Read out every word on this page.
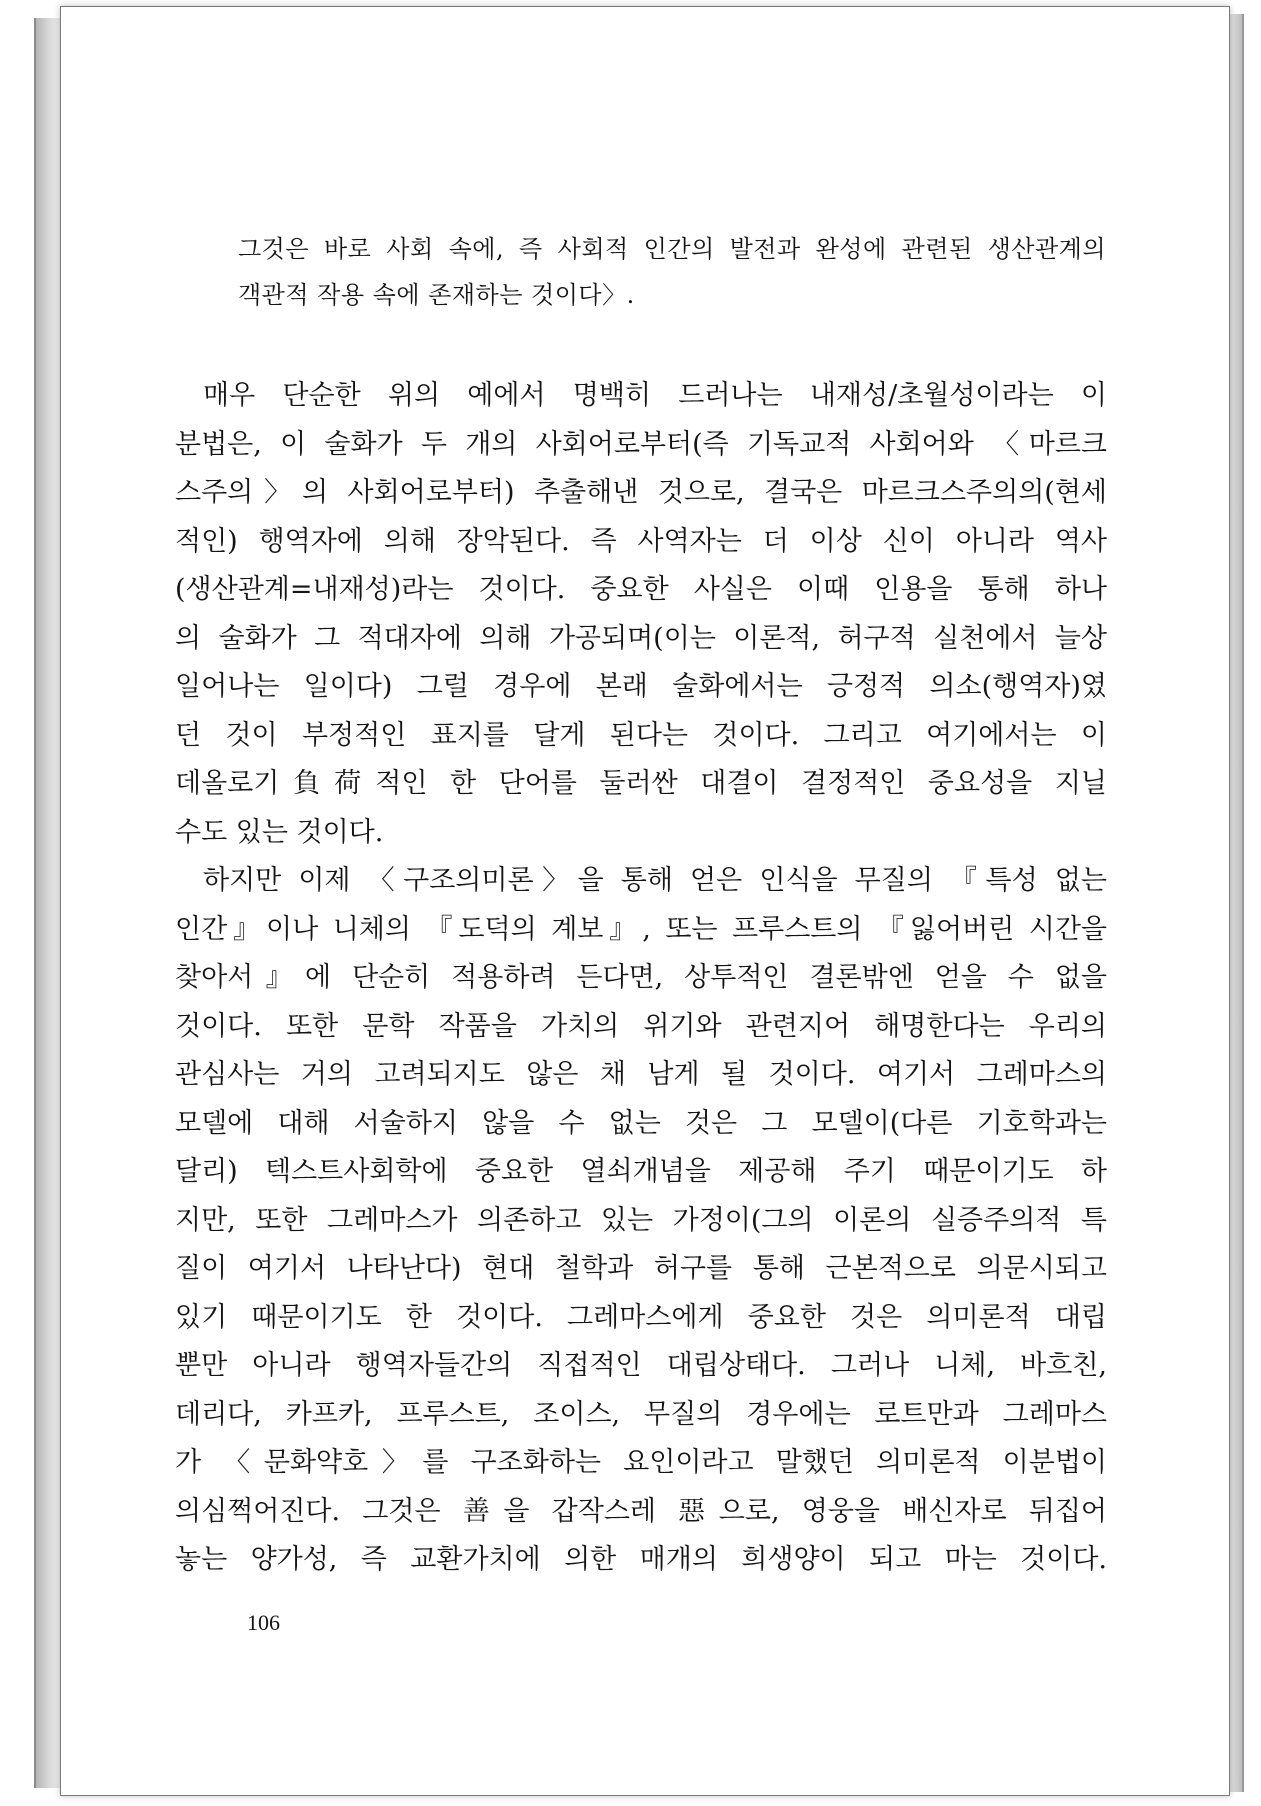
그것은 바로 사회 속에, 즉 사회적 인간의 발전과 완성에 관련된 생산관계의
객관적 작용 속에 존재하는 것이다〉.
매우 단순한 위의 예에서 명백히 드러나는 내재성/초월성이라는 이
분법은, 이 술화가 두 개의 사회어로부터(즉 기독교적 사회어와 〈마르크
스주의〉의 사회어로부터) 추출해낸 것으로, 결국은 마르크스주의의(현세
적인) 행역자에 의해 장악된다. 즉 사역자는 더 이상 신이 아니라 역사
(생산관계=내재성)라는 것이다. 중요한 사실은 이때 인용을 통해 하나
의 술화가 그 적대자에 의해 가공되며(이는 이론적, 허구적 실천에서 늘상
일어나는 일이다) 그럴 경우에 본래 술화에서는 긍정적 의소(행역자)였
던 것이 부정적인 표지를 달게 된다는 것이다. 그리고 여기에서는 이
데올로기負荷적인 한 단어를 둘러싼 대결이 결정적인 중요성을 지닐
수도 있는 것이다.
하지만 이제 〈구조의미론〉을 통해 얻은 인식을 무질의 『특성 없는
인간』이나 니체의 『도덕의 계보』, 또는 프루스트의 『잃어버린 시간을
찾아서』에 단순히 적용하려 든다면, 상투적인 결론밖엔 얻을 수 없을
것이다. 또한 문학 작품을 가치의 위기와 관련지어 해명한다는 우리의
관심사는 거의 고려되지도 않은 채 남게 될 것이다. 여기서 그레마스의
모델에 대해 서술하지 않을 수 없는 것은 그 모델이(다른 기호학과는
달리) 텍스트사회학에 중요한 열쇠개념을 제공해 주기 때문이기도 하
지만, 또한 그레마스가 의존하고 있는 가정이(그의 이론의 실증주의적 특
질이 여기서 나타난다) 현대 철학과 허구를 통해 근본적으로 의문시되고
있기 때문이기도 한 것이다. 그레마스에게 중요한 것은 의미론적 대립
뿐만 아니라 행역자들간의 직접적인 대립상태다. 그러나 니체, 바흐친,
데리다, 카프카, 프루스트, 조이스, 무질의 경우에는 로트만과 그레마스
가 〈문화약호〉를 구조화하는 요인이라고 말했던 의미론적 이분법이
의심쩍어진다. 그것은 善을 갑작스레 惡으로, 영웅을 배신자로 뒤집어
놓는 양가성, 즉 교환가치에 의한 매개의 희생양이 되고 마는 것이다.
106
